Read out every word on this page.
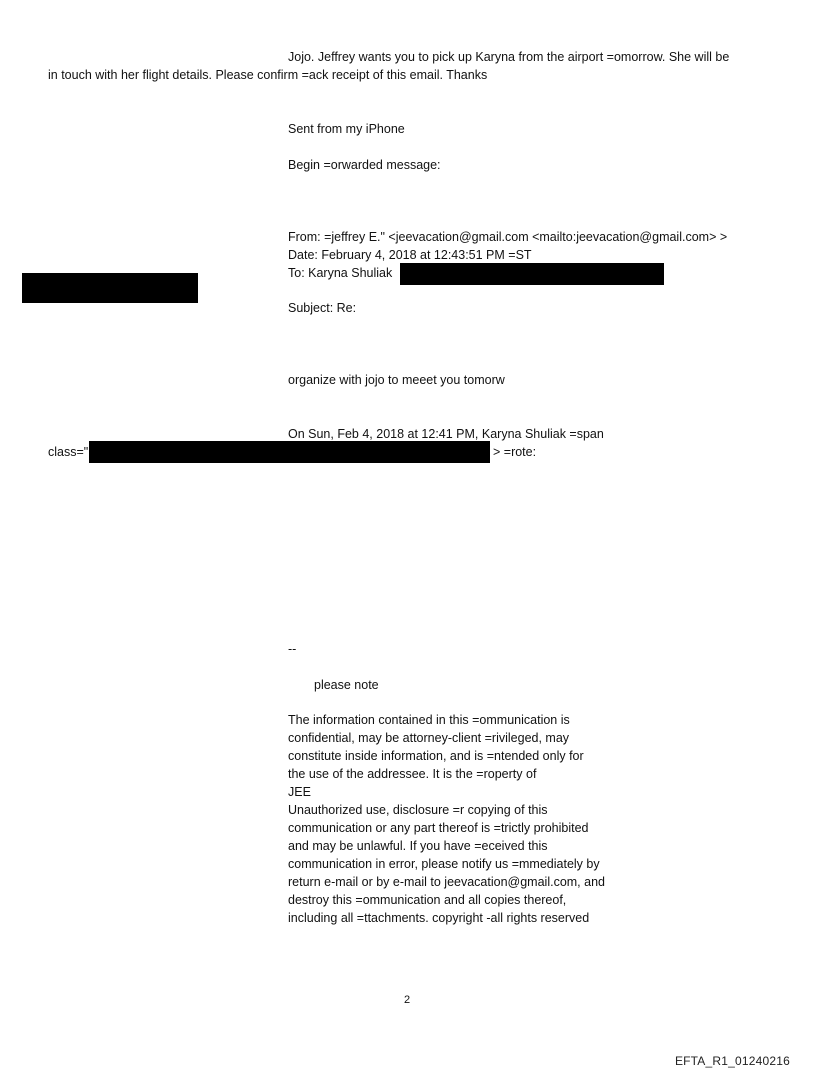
Jojo. Jeffrey wants you to pick up Karyna from the airport =omorrow. She will be
in touch with her flight details. Please confirm =ack receipt of this email. Thanks
Sent from my iPhone
Begin =orwarded message:
From: =jeffrey E." <jeevacation@gmail.com <mailto:jeevacation@gmail.com> >
Date: February 4, 2018 at 12:43:51 PM =ST
To: Karyna Shuliak
Subject: Re:
organize with jojo to meeet you tomorw
On Sun, Feb 4, 2018 at 12:41 PM, Karyna Shuliak =span
class="	> =rote:
--
please note
The information contained in this =ommunication is
confidential, may be attorney-client =rivileged, may
constitute inside information, and is =ntended only for
the use of the addressee. It is the =roperty of
JEE
Unauthorized use, disclosure =r copying of this
communication or any part thereof is =trictly prohibited
and may be unlawful. If you have =eceived this
communication in error, please notify us =mmediately by
return e-mail or by e-mail to jeevacation@gmail.com, and
destroy this =ommunication and all copies thereof,
including all =ttachments. copyright -all rights reserved
2
EFTA_R1_01240216
